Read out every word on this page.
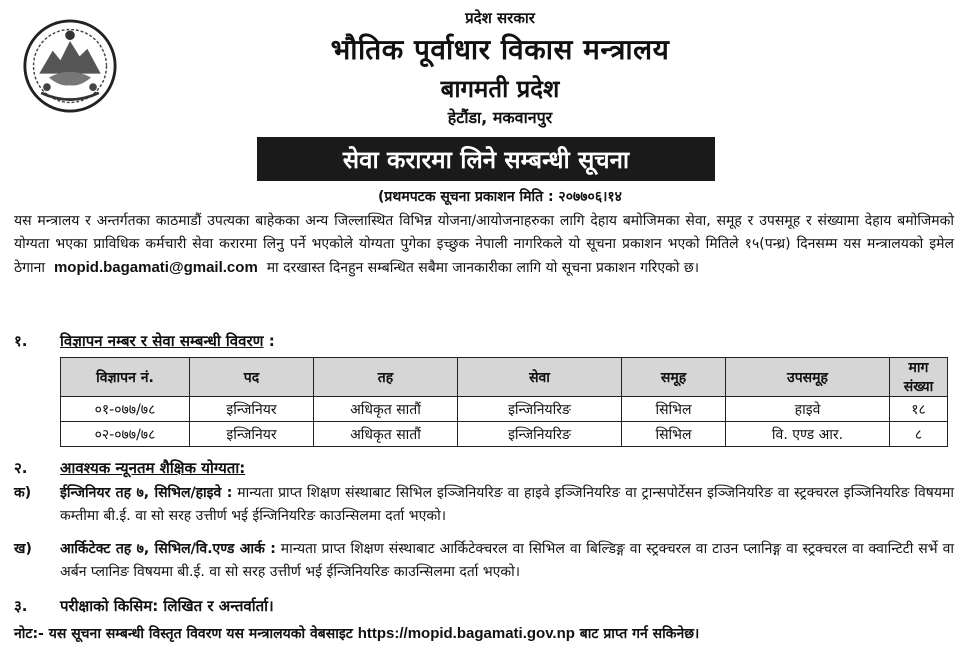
प्रदेश सरकार
भौतिक पूर्वाधार विकास मन्त्रालय
बागमती प्रदेश
हेटौंडा, मकवानपुर
सेवा करारमा लिने सम्बन्धी सूचना
(प्रथमपटक सूचना प्रकाशन मिति : २०७७०६।१४
यस मन्त्रालय र अन्तर्गतका काठमाडौं उपत्यका बाहेकका अन्य जिल्लास्थित विभिन्न योजना/आयोजनाहरुका लागि देहाय बमोजिमका सेवा, समूह र उपसमूह र संख्यामा देहाय बमोजिमको योग्यता भएका प्राविधिक कर्मचारी सेवा करारमा लिनु पर्ने भएकोले योग्यता पुगेका इच्छुक नेपाली नागरिकले यो सूचना प्रकाशन भएको मितिले १५(पन्ध्र) दिनसम्म यस मन्त्रालयको इमेल ठेगाना mopid.bagamati@gmail.com मा दरखास्त दिनहुन सम्बन्धित सबैमा जानकारीका लागि यो सूचना प्रकाशन गरिएको छ।
१. विज्ञापन नम्बर र सेवा सम्बन्धी विवरण :
विज्ञापन नं.	पद	तह	सेवा	समूह	उपसमूह	माग संख्या
०१-०७७/७८	इन्जिनियर	अधिकृत सातौं	इन्जिनियरिङ	सिभिल	हाइवे	१८
०२-०७७/७८	इन्जिनियर	अधिकृत सातौं	इन्जिनियरिङ	सिभिल	वि. एण्ड आर.	८
२. आवश्यक न्यूनतम शैक्षिक योग्यता:
क) ईन्जिनियर तह ७, सिभिल/हाइवे : मान्यता प्राप्त शिक्षण संस्थाबाट सिभिल इञ्जिनियरिङ वा हाइवे इञ्जिनियरिङ वा ट्रान्सपोर्टेसन इञ्जिनियरिङ वा स्ट्रक्चरल इञ्जिनियरिङ विषयमा कम्तीमा बी.ई. वा सो सरह उत्तीर्ण भई ईन्जिनियरिङ काउन्सिलमा दर्ता भएको।
ख) आर्किटेक्ट तह ७, सिभिल/वि.एण्ड आर्क : मान्यता प्राप्त शिक्षण संस्थाबाट आर्किटेक्चरल वा सिभिल वा बिल्डिङ्ग वा स्ट्रक्चरल वा टाउन प्लानिङ्ग वा स्ट्रक्चरल वा क्वान्टिटी सर्भे वा अर्बन प्लानिङ विषयमा बी.ई. वा सो सरह उत्तीर्ण भई ईन्जिनियरिङ काउन्सिलमा दर्ता भएको।
३. परीक्षाको किसिम: लिखित र अन्तर्वार्ता।
नोट:- यस सूचना सम्बन्धी विस्तृत विवरण यस मन्त्रालयको वेबसाइट https://mopid.bagamati.gov.np बाट प्राप्त गर्न सकिनेछ।
